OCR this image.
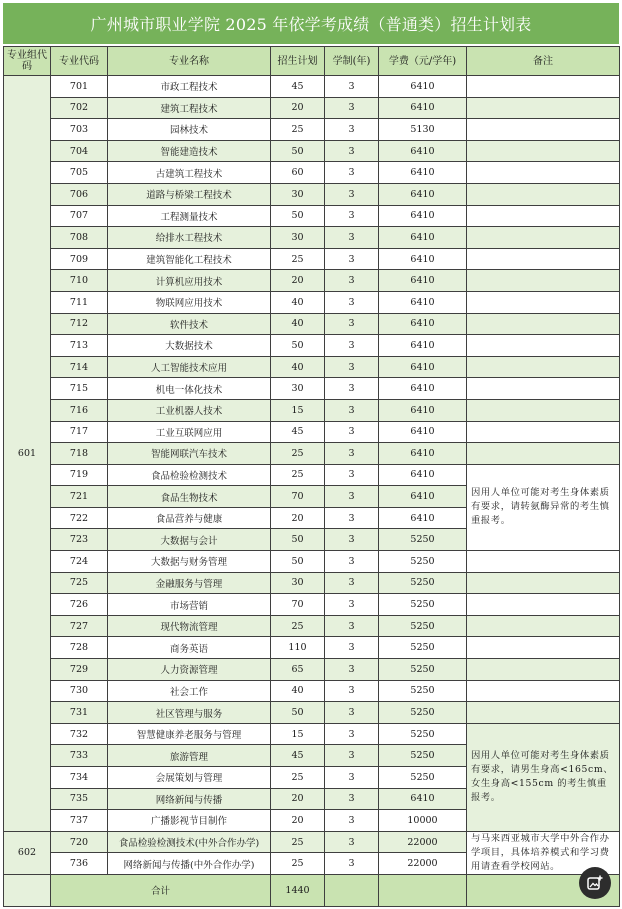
广州城市职业学院 2025 年依学考成绩（普通类）招生计划表
专业组代码	专业代码	专业名称	招生计划	学制(年)	学费（元/学年)	备注
601	701	市政工程技术	45	3	6410	
	702	建筑工程技术	20	3	6410	
	703	园林技术	25	3	5130	
	704	智能建造技术	50	3	6410	
	705	古建筑工程技术	60	3	6410	
	706	道路与桥梁工程技术	30	3	6410	
	707	工程测量技术	50	3	6410	
	708	给排水工程技术	30	3	6410	
	709	建筑智能化工程技术	25	3	6410	
	710	计算机应用技术	20	3	6410	
	711	物联网应用技术	40	3	6410	
	712	软件技术	40	3	6410	
	713	大数据技术	50	3	6410	
	714	人工智能技术应用	40	3	6410	
	715	机电一体化技术	30	3	6410	
	716	工业机器人技术	15	3	6410	
	717	工业互联网应用	45	3	6410	
	718	智能网联汽车技术	25	3	6410	
	719	食品检验检测技术	25	3	6410	因用人单位可能对考生身体素质有要求，请转氨酶异常的考生慎重报考。
	721	食品生物技术	70	3	6410	
	722	食品营养与健康	20	3	6410	
	723	大数据与会计	50	3	5250	
	724	大数据与财务管理	50	3	5250	
	725	金融服务与管理	30	3	5250	
	726	市场营销	70	3	5250	
	727	现代物流管理	25	3	5250	
	728	商务英语	110	3	5250	
	729	人力资源管理	65	3	5250	
	730	社会工作	40	3	5250	
	731	社区管理与服务	50	3	5250	
	732	智慧健康养老服务与管理	15	3	5250	因用人单位可能对考生身体素质有要求，请男生身高<165cm、女生身高<155cm 的考生慎重报考。
	733	旅游管理	45	3	5250	
	734	会展策划与管理	25	3	5250	
	735	网络新闻与传播	20	3	6410	
	737	广播影视节目制作	20	3	10000	
602	720	食品检验检测技术(中外合作办学)	25	3	22000	与马来西亚城市大学中外合作办学项目，具体培养模式和学习费用请查看学校网站。
	736	网络新闻与传播(中外合作办学)	25	3	22000	
	合计		1440			
